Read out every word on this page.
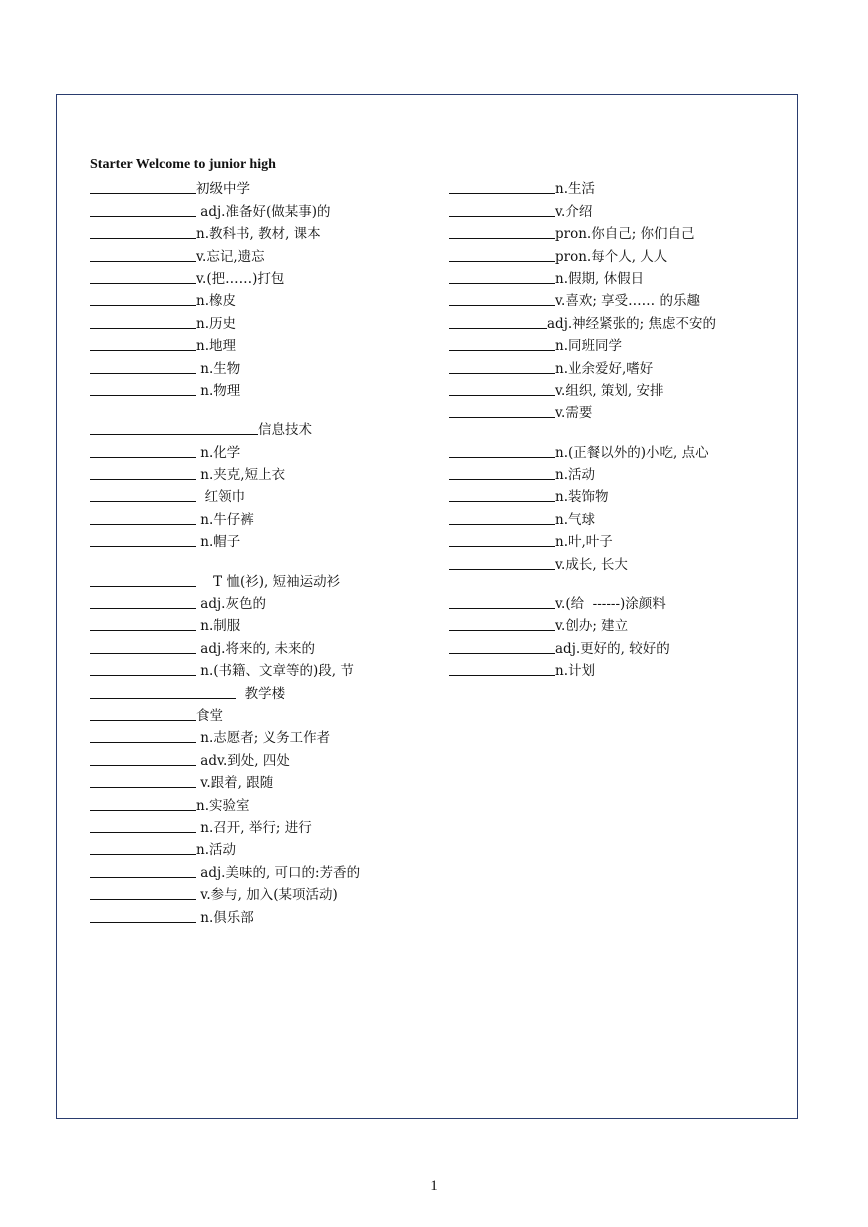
Starter Welcome to junior high
初级中学
adj.准备好(做某事)的
n.教科书, 教材, 课本
v.忘记,遗忘
v.(把……)打包
n.橡皮
n.历史
n.地理
n.生物
n.物理
信息技术
n.化学
n.夹克,短上衣
红领巾
n.牛仔裤
n.帽子
T 恤(衫), 短袖运动衫
adj.灰色的
n.制服
adj.将来的, 未来的
n.(书籍、文章等的)段, 节
教学楼
食堂
n.志愿者; 义务工作者
adv.到处, 四处
v.跟着, 跟随
n.实验室
n.召开, 举行; 进行
n.活动
adj.美味的, 可口的:芳香的
v.参与, 加入(某项活动)
n.俱乐部
n.生活
v.介绍
pron.你自己; 你们自己
pron.每个人, 人人
n.假期, 休假日
v.喜欢; 享受…… 的乐趣
adj.神经紧张的; 焦虑不安的
n.同班同学
n.业余爱好,嗜好
v.组织, 策划, 安排
v.需要
n.(正餐以外的)小吃, 点心
n.活动
n.装饰物
n.气球
n.叶,叶子
v.成长, 长大
v.(给  ------)涂颜料
v.创办; 建立
adj.更好的, 较好的
n.计划
1
